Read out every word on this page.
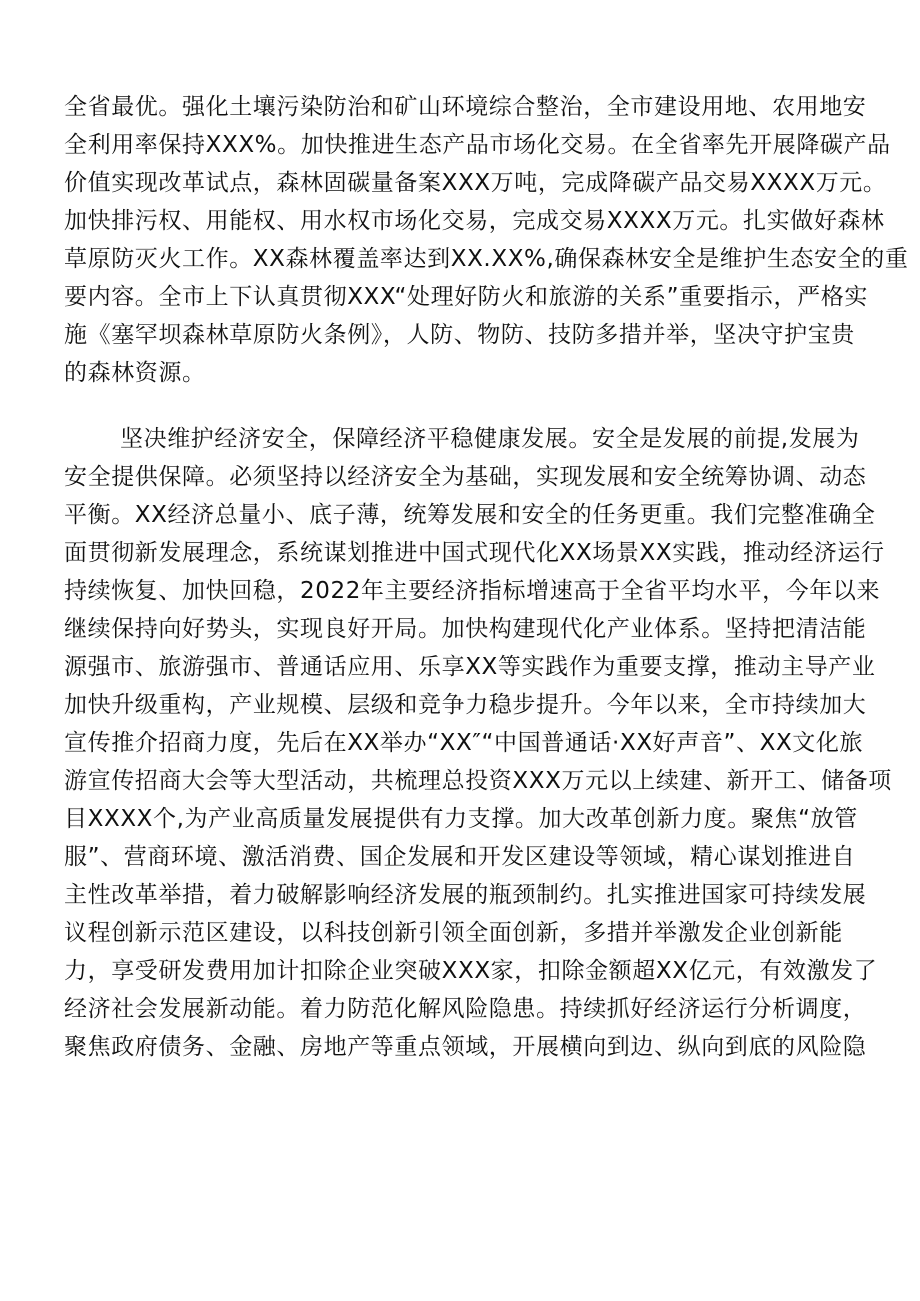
全省最优。强化土壤污染防治和矿山环境综合整治，全市建设用地、农用地安
全利用率保持XXX%。加快推进生态产品市场化交易。在全省率先开展降碳产品
价值实现改革试点，森林固碳量备案XXX万吨，完成降碳产品交易XXXX万元。
加快排污权、用能权、用水权市场化交易，完成交易XXXX万元。扎实做好森林
草原防灭火工作。XX森林覆盖率达到XX.XX%,确保森林安全是维护生态安全的重
要内容。全市上下认真贯彻XXX“处理好防火和旅游的关系”重要指示，严格实
施《塞罕坝森林草原防火条例》，人防、物防、技防多措并举，坚决守护宝贵
的森林资源。
坚决维护经济安全，保障经济平稳健康发展。安全是发展的前提,发展为
安全提供保障。必须坚持以经济安全为基础，实现发展和安全统筹协调、动态
平衡。XX经济总量小、底子薄，统筹发展和安全的任务更重。我们完整准确全
面贯彻新发展理念，系统谋划推进中国式现代化XX场景XX实践，推动经济运行
持续恢复、加快回稳，2022年主要经济指标增速高于全省平均水平，今年以来
继续保持向好势头，实现良好开局。加快构建现代化产业体系。坚持把清洁能
源强市、旅游强市、普通话应用、乐享XX等实践作为重要支撑，推动主导产业
加快升级重构，产业规模、层级和竞争力稳步提升。今年以来，全市持续加大
宣传推介招商力度，先后在XX举办“XX″“中国普通话·XX好声音”、XX文化旅
游宣传招商大会等大型活动，共梳理总投资XXX万元以上续建、新开工、储备项
目XXXX个,为产业高质量发展提供有力支撑。加大改革创新力度。聚焦“放管
服”、营商环境、激活消费、国企发展和开发区建设等领域，精心谋划推进自
主性改革举措，着力破解影响经济发展的瓶颈制约。扎实推进国家可持续发展
议程创新示范区建设，以科技创新引领全面创新，多措并举激发企业创新能
力，享受研发费用加计扣除企业突破XXX家，扣除金额超XX亿元，有效激发了
经济社会发展新动能。着力防范化解风险隐患。持续抓好经济运行分析调度，
聚焦政府债务、金融、房地产等重点领域，开展横向到边、纵向到底的风险隐
